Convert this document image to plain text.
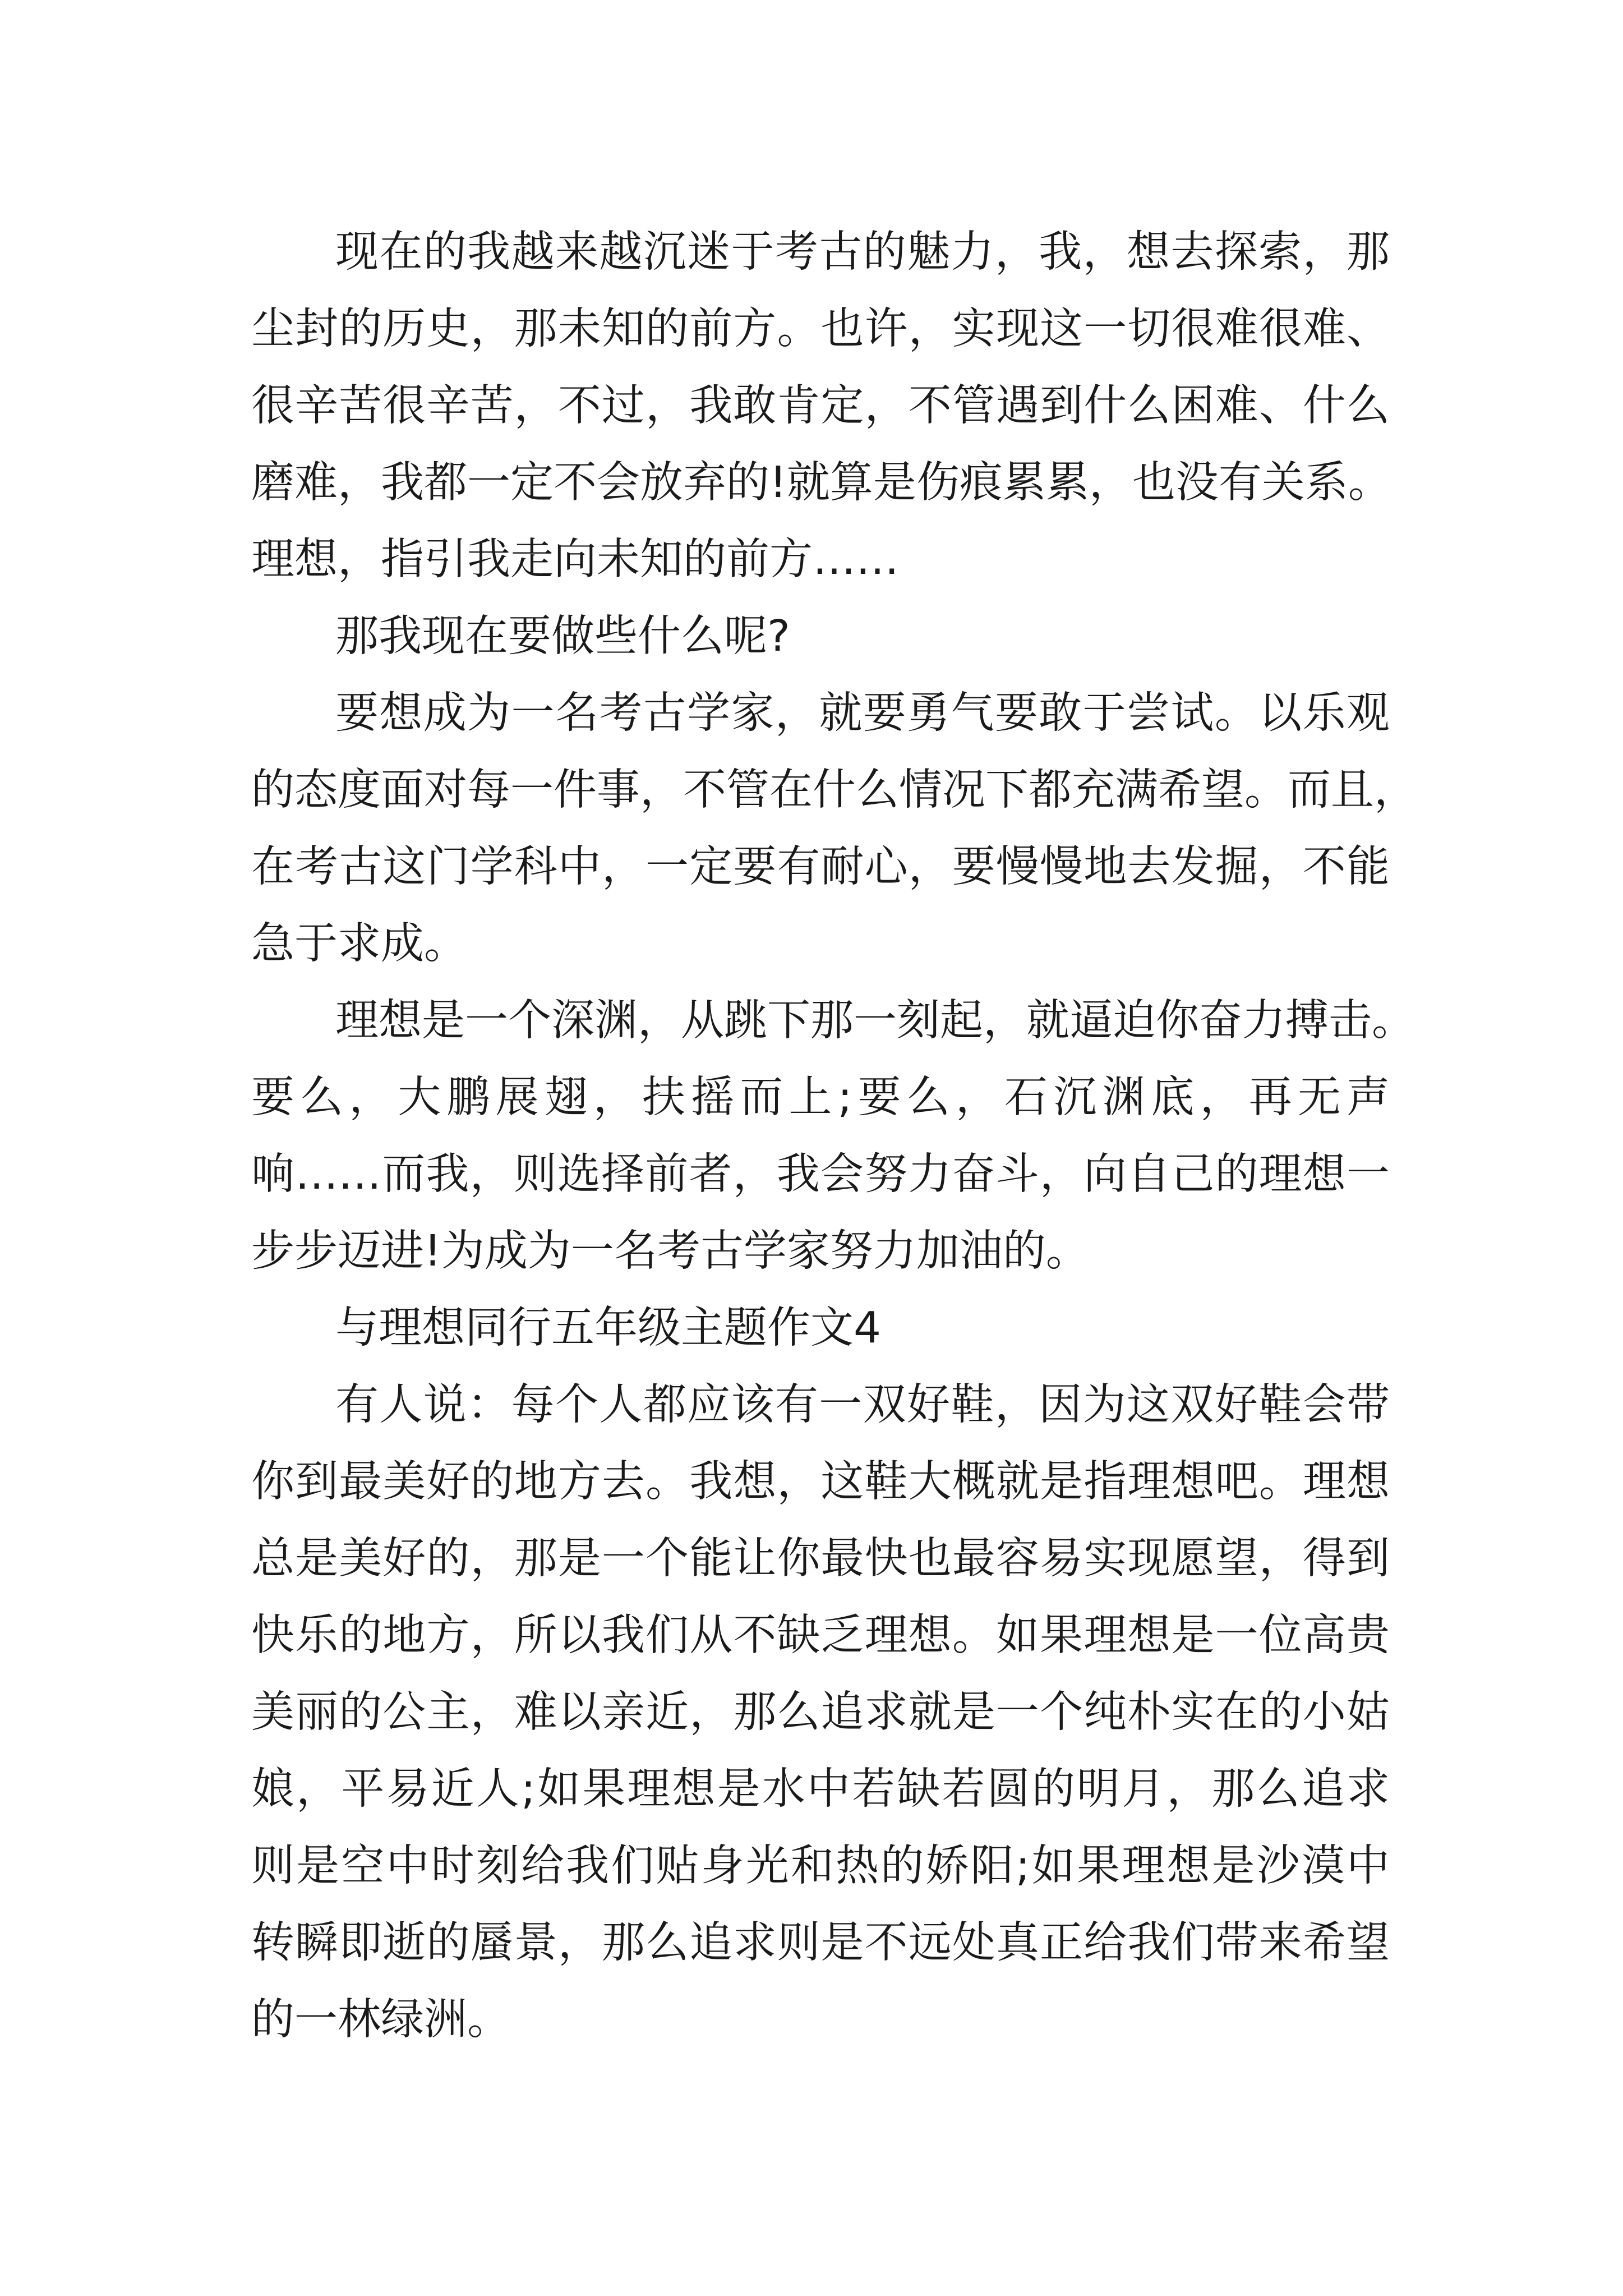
现在的我越来越沉迷于考古的魅力，我，想去探索，那
尘封的历史，那未知的前方。也许，实现这一切很难很难、
很辛苦很辛苦，不过，我敢肯定，不管遇到什么困难、什么
磨难，我都一定不会放弃的!就算是伤痕累累，也没有关系。
理想，指引我走向未知的前方……
那我现在要做些什么呢?
要想成为一名考古学家，就要勇气要敢于尝试。以乐观
的态度面对每一件事，不管在什么情况下都充满希望。而且，
在考古这门学科中，一定要有耐心，要慢慢地去发掘，不能
急于求成。
理想是一个深渊，从跳下那一刻起，就逼迫你奋力搏击。
要么，大鹏展翅，扶摇而上;要么，石沉渊底，再无声
响……而我，则选择前者，我会努力奋斗，向自己的理想一
步步迈进!为成为一名考古学家努力加油的。
与理想同行五年级主题作文4
有人说：每个人都应该有一双好鞋，因为这双好鞋会带
你到最美好的地方去。我想，这鞋大概就是指理想吧。理想
总是美好的，那是一个能让你最快也最容易实现愿望，得到
快乐的地方，所以我们从不缺乏理想。如果理想是一位高贵
美丽的公主，难以亲近，那么追求就是一个纯朴实在的小姑
娘，平易近人;如果理想是水中若缺若圆的明月，那么追求
则是空中时刻给我们贴身光和热的娇阳;如果理想是沙漠中
转瞬即逝的蜃景，那么追求则是不远处真正给我们带来希望
的一林绿洲。
